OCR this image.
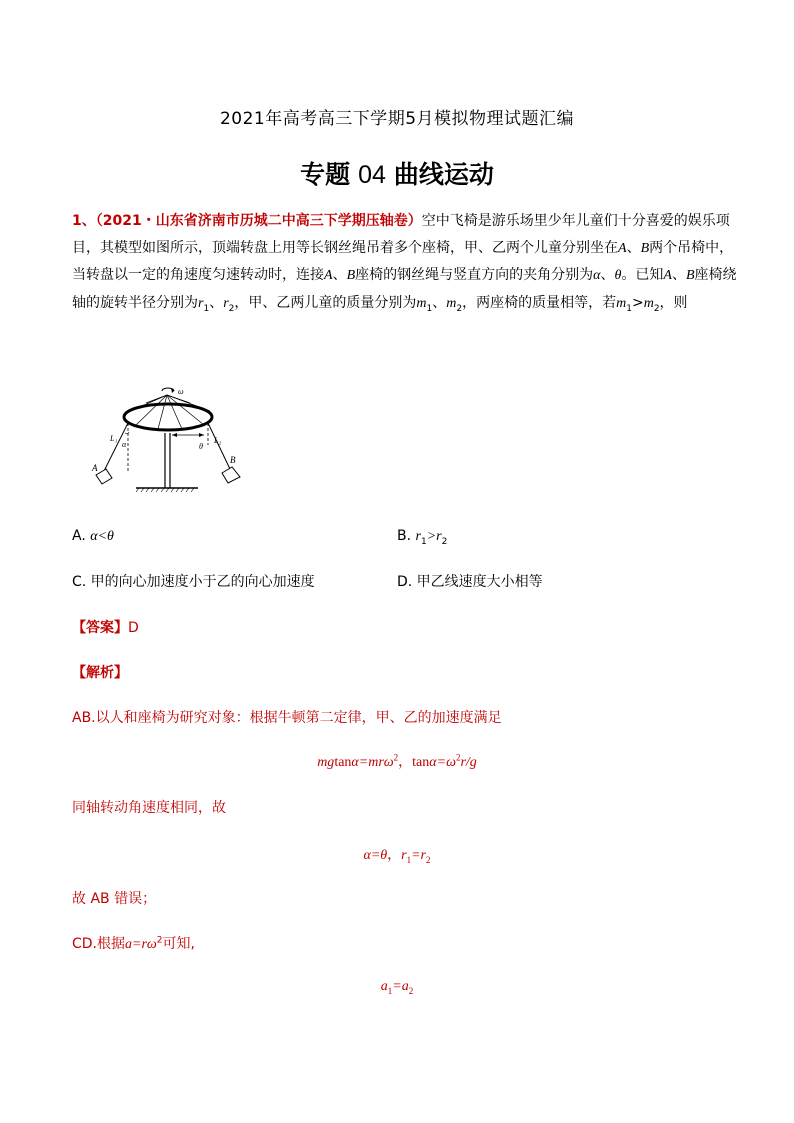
2021年高考高三下学期5月模拟物理试题汇编
专题 04 曲线运动
1、（2021・山东省济南市历城二中高三下学期压轴卷）空中飞椅是游乐场里少年儿童们十分喜爱的娱乐项目，其模型如图所示，顶端转盘上用等长钢丝绳吊着多个座椅，甲、乙两个儿童分别坐在A、B两个吊椅中，当转盘以一定的角速度匀速转动时，连接A、B座椅的钢丝绳与竖直方向的夹角分别为α、θ。已知A、B座椅绕轴的旋转半径分别为$r_1$、$r_2$，甲、乙两儿童的质量分别为$m_1$、$m_2$，两座椅的质量相等，若$m_1>m_2$，则
ω
α
L₁
A
L₂
θ
B
A. α<θ	B. $r_1>r_2$
C. 甲的向心加速度小于乙的向心加速度	D. 甲乙线速度大小相等
【答案】D
【解析】
AB.以人和座椅为研究对象：根据牛顿第二定律，甲、乙的加速度满足
mgtanα=mrω$^2$，$\tan\alpha=\omega^2r/g$
同轴转动角速度相同，故
α=θ，$r_1=r_2$
故 AB 错误；
CD.根据$a=r\omega^2$可知,
$a_1=a_2$
